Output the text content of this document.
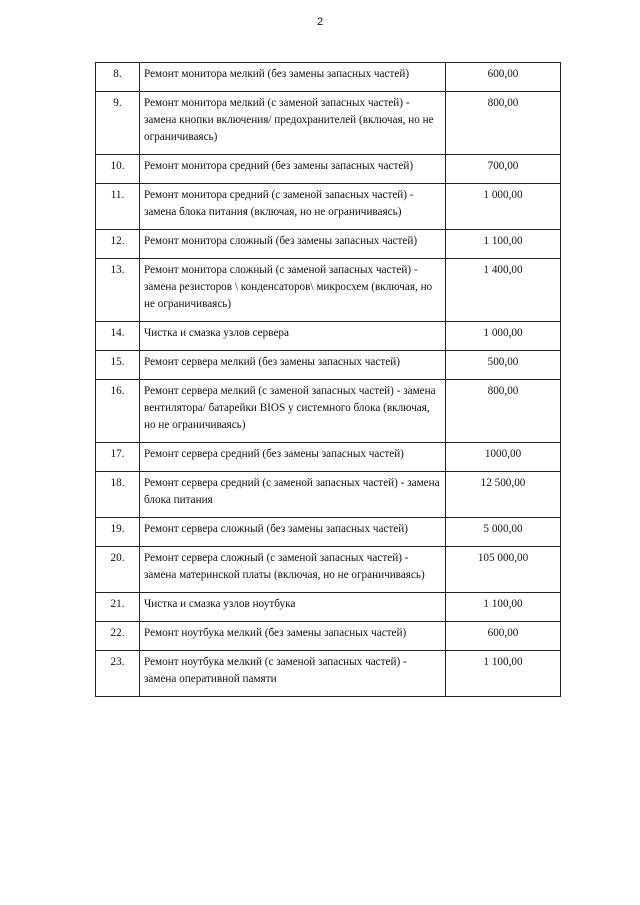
2
8.	Ремонт монитора мелкий (без замены запасных частей)	600,00
9.	Ремонт монитора мелкий (с заменой запасных частей) - замена кнопки включения/ предохранителей (включая, но не ограничиваясь)	800,00
10.	Ремонт монитора средний (без замены запасных частей)	700,00
11.	Ремонт монитора средний (с заменой запасных частей) - замена блока питания (включая, но не ограничиваясь)	1 000,00
12.	Ремонт монитора сложный (без замены запасных частей)	1 100,00
13.	Ремонт монитора сложный (с заменой запасных частей) - замена резисторов \ конденсаторов\ микросхем (включая, но не ограничиваясь)	1 400,00
14.	Чистка и смазка узлов сервера	1 000,00
15.	Ремонт сервера мелкий (без замены запасных частей)	500,00
16.	Ремонт сервера мелкий (с заменой запасных частей) - замена вентилятора/ батарейки BIOS у системного блока (включая, но не ограничиваясь)	800,00
17.	Ремонт сервера средний (без замены запасных частей)	1000,00
18.	Ремонт сервера средний (с заменой запасных частей) - замена блока питания	12 500,00
19.	Ремонт сервера сложный (без замены запасных частей)	5 000,00
20.	Ремонт сервера сложный (с заменой запасных частей) - замена материнской платы (включая, но не ограничиваясь)	105 000,00
21.	Чистка и смазка узлов ноутбука	1 100,00
22.	Ремонт ноутбука мелкий (без замены запасных частей)	600,00
23.	Ремонт ноутбука мелкий (с заменой запасных частей) - замена оперативной памяти	1 100,00
